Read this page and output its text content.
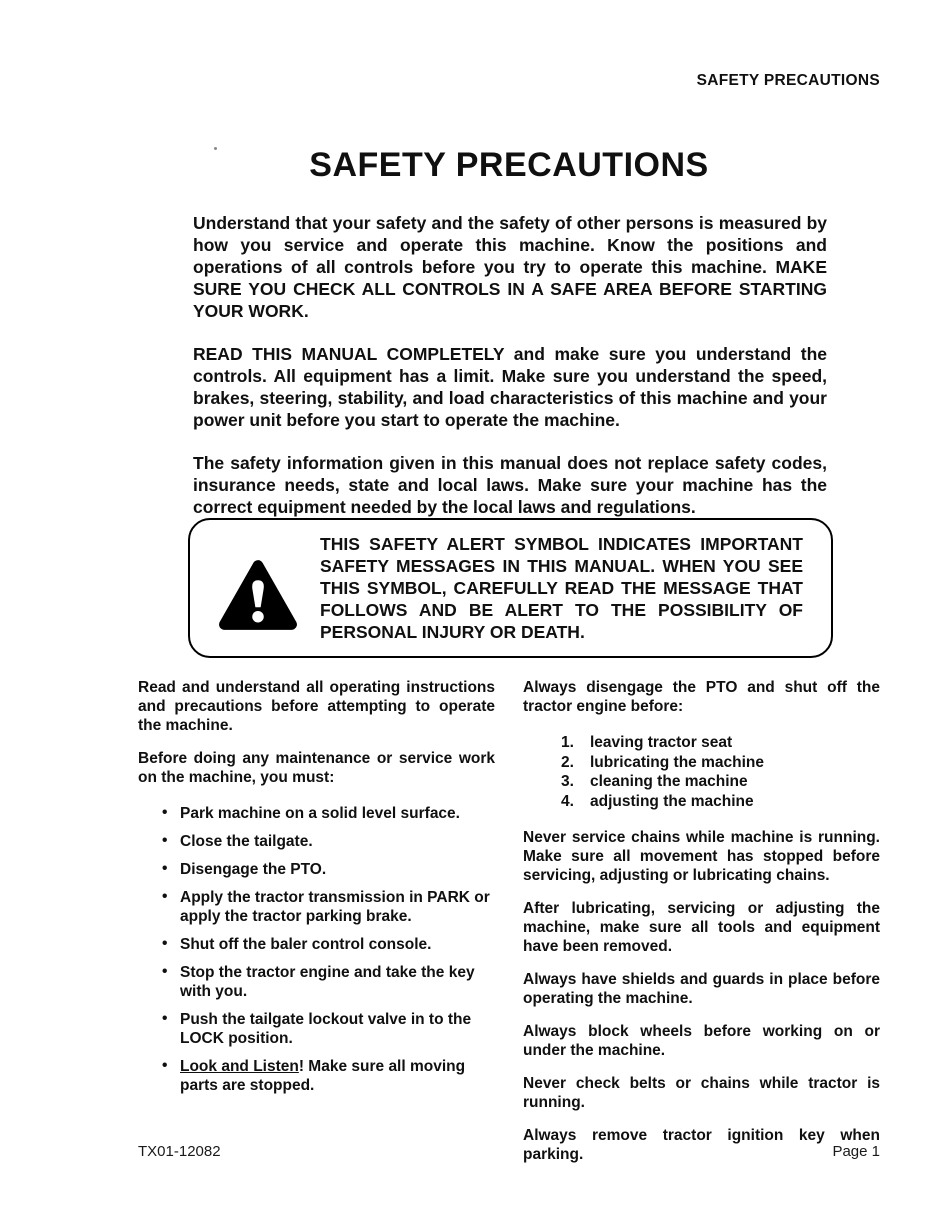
SAFETY PRECAUTIONS
SAFETY PRECAUTIONS

Understand that your safety and the safety of other persons is measured by how you service and operate this machine. Know the positions and operations of all controls before you try to operate this machine. MAKE SURE YOU CHECK ALL CONTROLS IN A SAFE AREA BEFORE STARTING YOUR WORK.

READ THIS MANUAL COMPLETELY and make sure you understand the controls. All equipment has a limit. Make sure you understand the speed, brakes, steering, stability, and load characteristics of this machine and your power unit before you start to operate the machine.

The safety information given in this manual does not replace safety codes, insurance needs, state and local laws. Make sure your machine has the correct equipment needed by the local laws and regulations.

THIS SAFETY ALERT SYMBOL INDICATES IMPORTANT SAFETY MESSAGES IN THIS MANUAL. WHEN YOU SEE THIS SYMBOL, CAREFULLY READ THE MESSAGE THAT FOLLOWS AND BE ALERT TO THE POSSIBILITY OF PERSONAL INJURY OR DEATH.

Read and understand all operating instructions and precautions before attempting to operate the machine.

Before doing any maintenance or service work on the machine, you must:

• Park machine on a solid level surface.
• Close the tailgate.
• Disengage the PTO.
• Apply the tractor transmission in PARK or apply the tractor parking brake.
• Shut off the baler control console.
• Stop the tractor engine and take the key with you.
• Push the tailgate lockout valve in to the LOCK position.
• Look and Listen! Make sure all moving parts are stopped.

Always disengage the PTO and shut off the tractor engine before:

1. leaving tractor seat
2. lubricating the machine
3. cleaning the machine
4. adjusting the machine

Never service chains while machine is running. Make sure all movement has stopped before servicing, adjusting or lubricating chains.

After lubricating, servicing or adjusting the machine, make sure all tools and equipment have been removed.

Always have shields and guards in place before operating the machine.

Always block wheels before working on or under the machine.

Never check belts or chains while tractor is running.

Always remove tractor ignition key when parking.

TX01-12082	Page 1
